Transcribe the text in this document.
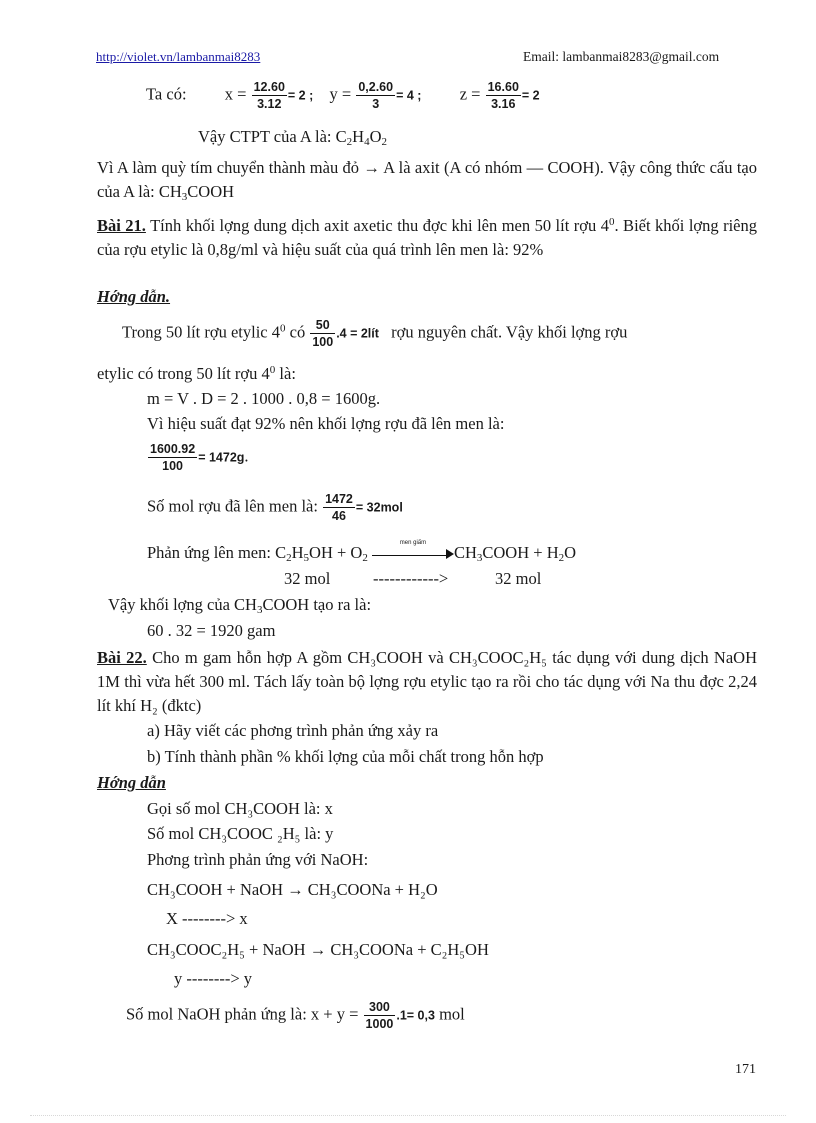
http://violet.vn/lambanmai8283	Email: lambanmai8283@gmail.com
Ta có: $x = \frac{12.60}{3.12} = 2$ ; $y = \frac{0,2.60}{3} = 4$ ; $z = \frac{16.60}{3.16} = 2$
Vậy CTPT của A là: $C_2H_4O_2$
Vì A làm quỳ tím chuyển thành màu đỏ → A là axit (A có nhóm — COOH). Vậy công thức cấu tạo của A là: $CH_3COOH$
Bài 21. Tính khối lợng dung dịch axit axetic thu đợc khi lên men 50 lít rợu $4^0$. Biết khối lợng riêng của rợu etylic là 0,8g/ml và hiệu suất của quá trình lên men là: 92%
Hớng dẫn.
Trong 50 lít rợu etylic $4^0$ có $\frac{50}{100} .4$ = 2lít rợu nguyên chất. Vậy khối lợng rợu
etylic có trong 50 lít rợu $4^0$ là:
m = V . D = 2 . 1000 . 0,8 = 1600g.
Vì hiệu suất đạt 92% nên khối lợng rợu đã lên men là:
$\frac{1600.92}{100} = 1472g$.
Số mol rợu đã lên men là: $\frac{1472}{46} = 32mol$
Phản ứng lên men: $C_2H_5OH + O_2$
men giấm	$CH_3COOH + H_2O$
32 mol	------------>	32 mol
Vậy khối lợng của $CH_3COOH$ tạo ra là:
60 . 32 = 1920 gam
Bài 22. Cho m gam hỗn hợp A gồm CH₃COOH và CH₃COOC₂H₅ tác dụng với dung dịch NaOH 1M thì vừa hết 300 ml. Tách lấy toàn bộ lợng rợu etylic tạo ra rồi cho tác dụng với Na thu đợc 2,24 lít khí H₂ (đktc)
a) Hãy viết các phơng trình phản ứng xảy ra
b) Tính thành phần % khối lợng của mỗi chất trong hỗn hợp
Hớng dẫn
Gọi số mol CH₃COOH là: x
Số mol CH₃COOC ₂H₅ là: y
Phơng trình phản ứng với NaOH:
CH₃COOH + NaOH → CH₃COONa + H₂O
X --------> x
CH₃COOC₂H₅ + NaOH → CH₃COONa + C₂H₅OH
y --------> y
Số mol NaOH phản ứng là: $x + y = \frac{300}{1000} .1= 0,3$ mol
171
